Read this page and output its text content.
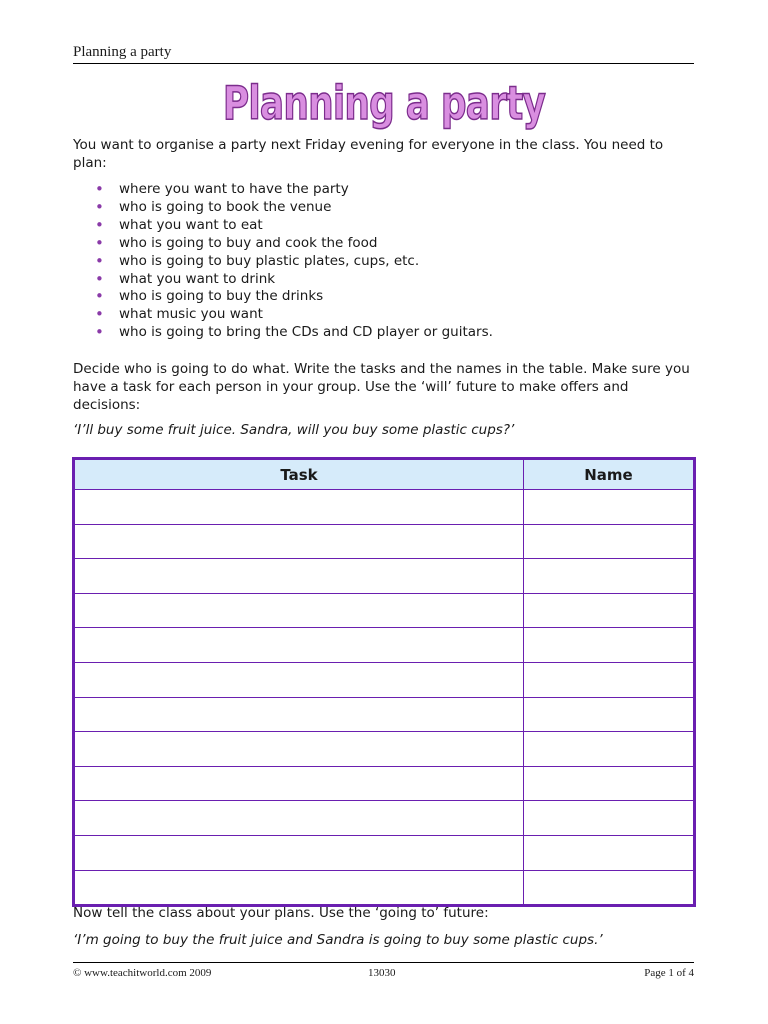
Planning a party
Planning a party
You want to organise a party next Friday evening for everyone in the class. You need to plan:
• where you want to have the party
• who is going to book the venue
• what you want to eat
• who is going to buy and cook the food
• who is going to buy plastic plates, cups, etc.
• what you want to drink
• who is going to buy the drinks
• what music you want
• who is going to bring the CDs and CD player or guitars.
Decide who is going to do what. Write the tasks and the names in the table. Make sure you have a task for each person in your group. Use the ‘will’ future to make offers and decisions:
‘I’ll buy some fruit juice. Sandra, will you buy some plastic cups?’
Task	Name

Now tell the class about your plans. Use the ‘going to’ future:
‘I’m going to buy the fruit juice and Sandra is going to buy some plastic cups.’
© www.teachitworld.com 2009	13030	Page 1 of 4
